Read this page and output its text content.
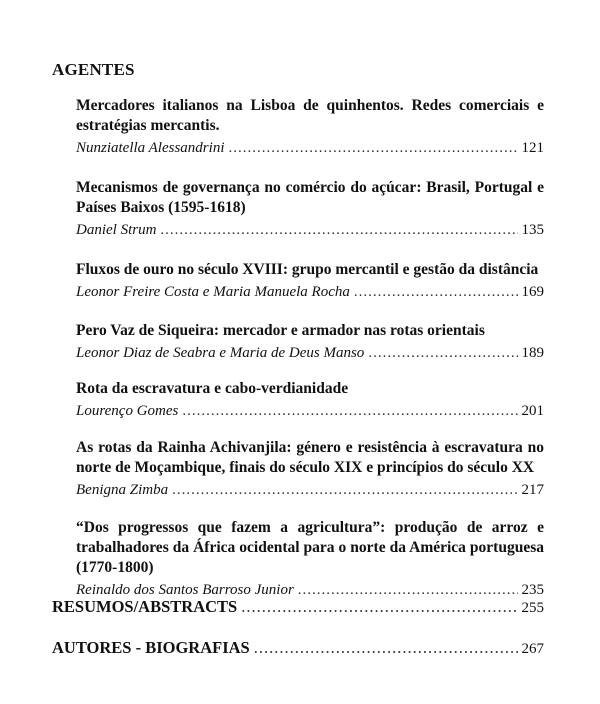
AGENTES

Mercadores italianos na Lisboa de quinhentos. Redes comerciais e estratégias mercantis.

Nunziatella Alessandrini .....	121

Mecanismos de governança no comércio do açúcar: Brasil, Portugal e Países Baixos (1595-1618)

Daniel Strum .....	135

Fluxos de ouro no século XVIII: grupo mercantil e gestão da distância

Leonor Freire Costa e Maria Manuela Rocha .....	169

Pero Vaz de Siqueira: mercador e armador nas rotas orientais

Leonor Diaz de Seabra e Maria de Deus Manso .....	189

Rota da escravatura e cabo-verdianidade

Lourenço Gomes .....	201

As rotas da Rainha Achivanjila: género e resistência à escravatura no norte de Moçambique, finais do século XIX e princípios do século XX

Benigna Zimba .....	217

“Dos progressos que fazem a agricultura”: produção de arroz e trabalhadores da África ocidental para o norte da América portuguesa (1770-1800)

Reinaldo dos Santos Barroso Junior .....	235
RESUMOS/ABSTRACTS .....	255
AUTORES - BIOGRAFIAS .....	267
